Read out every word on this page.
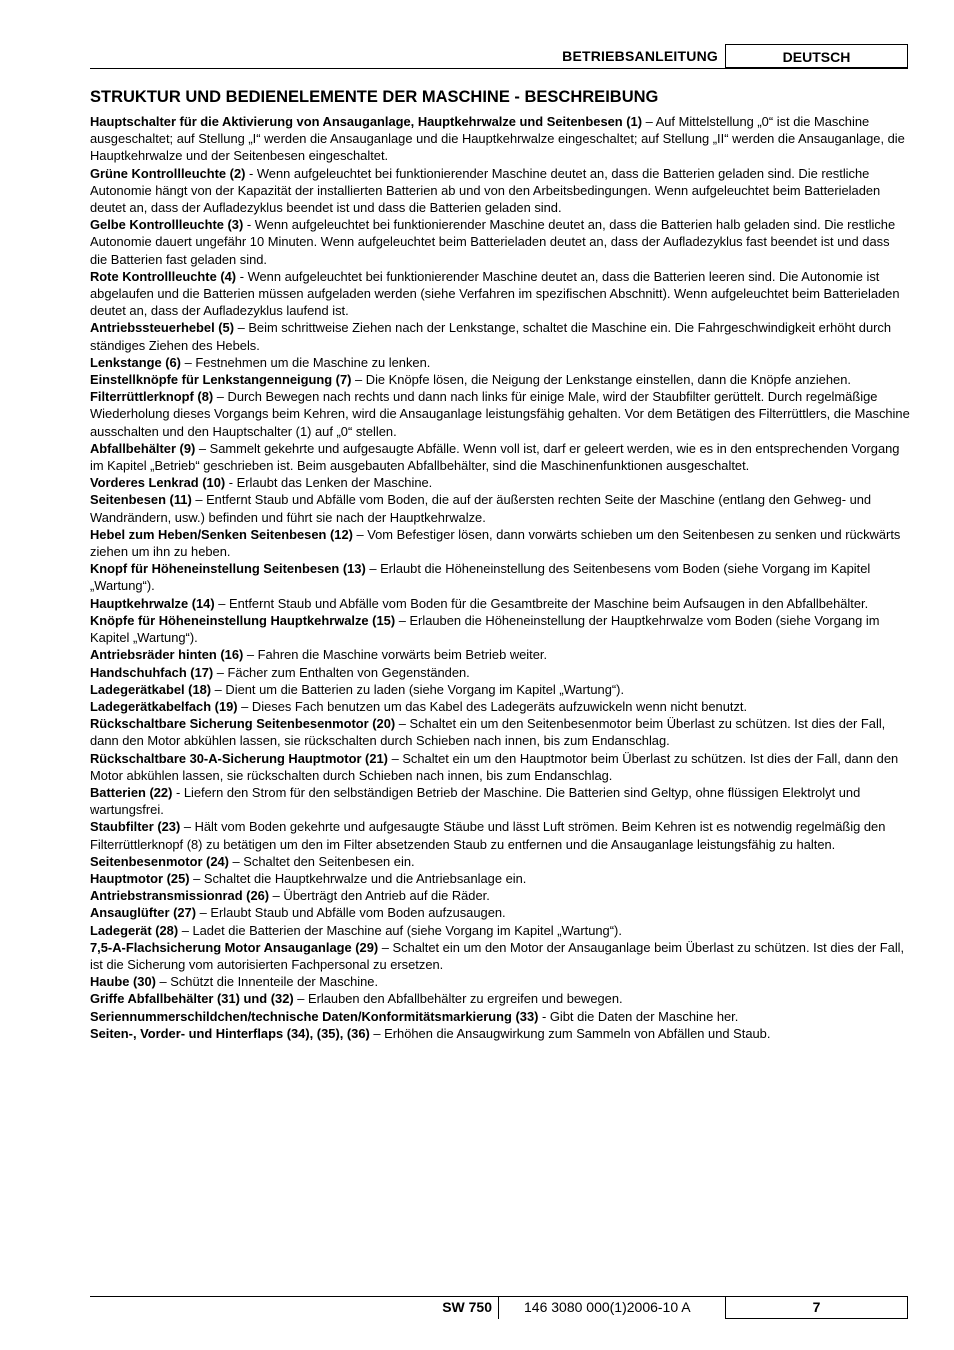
BETRIEBSANLEITUNG	DEUTSCH
STRUKTUR UND BEDIENELEMENTE DER MASCHINE - BESCHREIBUNG

Hauptschalter für die Aktivierung von Ansauganlage, Hauptkehrwalze und Seitenbesen (1) – Auf Mittelstellung „0“ ist die Maschine ausgeschaltet; auf Stellung „I“ werden die Ansauganlage und die Hauptkehrwalze eingeschaltet; auf Stellung „II“ werden die Ansauganlage, die Hauptkehrwalze und der Seitenbesen eingeschaltet.

Grüne Kontrollleuchte (2) - Wenn aufgeleuchtet bei funktionierender Maschine deutet an, dass die Batterien geladen sind. Die restliche Autonomie hängt von der Kapazität der installierten Batterien ab und von den Arbeitsbedingungen. Wenn aufgeleuchtet beim Batterieladen deutet an, dass der Aufladezyklus beendet ist und dass die Batterien geladen sind.

Gelbe Kontrollleuchte (3) - Wenn aufgeleuchtet bei funktionierender Maschine deutet an, dass die Batterien halb geladen sind. Die restliche Autonomie dauert ungefähr 10 Minuten. Wenn aufgeleuchtet beim Batterieladen deutet an, dass der Aufladezyklus fast beendet ist und dass die Batterien fast geladen sind.

Rote Kontrollleuchte (4) - Wenn aufgeleuchtet bei funktionierender Maschine deutet an, dass die Batterien leeren sind. Die Autonomie ist abgelaufen und die Batterien müssen aufgeladen werden (siehe Verfahren im spezifischen Abschnitt). Wenn aufgeleuchtet beim Batterieladen deutet an, dass der Aufladezyklus laufend ist.

Antriebssteuerhebel (5) – Beim schrittweise Ziehen nach der Lenkstange, schaltet die Maschine ein. Die Fahrgeschwindigkeit erhöht durch ständiges Ziehen des Hebels.

Lenkstange (6) – Festnehmen um die Maschine zu lenken.

Einstellknöpfe für Lenkstangenneigung (7) – Die Knöpfe lösen, die Neigung der Lenkstange einstellen, dann die Knöpfe anziehen.

Filterrüttlerknopf (8) – Durch Bewegen nach rechts und dann nach links für einige Male, wird der Staubfilter gerüttelt. Durch regelmäßige Wiederholung dieses Vorgangs beim Kehren, wird die Ansauganlage leistungsfähig gehalten. Vor dem Betätigen des Filterrüttlers, die Maschine ausschalten und den Hauptschalter (1) auf „0“ stellen.

Abfallbehälter (9) – Sammelt gekehrte und aufgesaugte Abfälle. Wenn voll ist, darf er geleert werden, wie es in den entsprechenden Vorgang im Kapitel „Betrieb“ geschrieben ist. Beim ausgebauten Abfallbehälter, sind die Maschinenfunktionen ausgeschaltet.

Vorderes Lenkrad (10) - Erlaubt das Lenken der Maschine.

Seitenbesen (11) – Entfernt Staub und Abfälle vom Boden, die auf der äußersten rechten Seite der Maschine (entlang den Gehweg- und Wandrändern, usw.) befinden und führt sie nach der Hauptkehrwalze.

Hebel zum Heben/Senken Seitenbesen (12) – Vom Befestiger lösen, dann vorwärts schieben um den Seitenbesen zu senken und rückwärts ziehen um ihn zu heben.

Knopf für Höheneinstellung Seitenbesen (13) – Erlaubt die Höheneinstellung des Seitenbesens vom Boden (siehe Vorgang im Kapitel „Wartung“).

Hauptkehrwalze (14) – Entfernt Staub und Abfälle vom Boden für die Gesamtbreite der Maschine beim Aufsaugen in den Abfallbehälter.

Knöpfe für Höheneinstellung Hauptkehrwalze (15) – Erlauben die Höheneinstellung der Hauptkehrwalze vom Boden (siehe Vorgang im Kapitel „Wartung“).

Antriebsräder hinten (16) – Fahren die Maschine vorwärts beim Betrieb weiter.

Handschuhfach (17) – Fächer zum Enthalten von Gegenständen.

Ladegerätkabel (18) – Dient um die Batterien zu laden (siehe Vorgang im Kapitel „Wartung“).

Ladegerätkabelfach (19) – Dieses Fach benutzen um das Kabel des Ladegeräts aufzuwickeln wenn nicht benutzt.

Rückschaltbare Sicherung Seitenbesenmotor (20) – Schaltet ein um den Seitenbesenmotor beim Überlast zu schützen. Ist dies der Fall, dann den Motor abkühlen lassen, sie rückschalten durch Schieben nach innen, bis zum Endanschlag.

Rückschaltbare 30-A-Sicherung Hauptmotor (21) – Schaltet ein um den Hauptmotor beim Überlast zu schützen. Ist dies der Fall, dann den Motor abkühlen lassen, sie rückschalten durch Schieben nach innen, bis zum Endanschlag.

Batterien (22) - Liefern den Strom für den selbständigen Betrieb der Maschine. Die Batterien sind Geltyp, ohne flüssigen Elektrolyt und wartungsfrei.

Staubfilter (23) – Hält vom Boden gekehrte und aufgesaugte Stäube und lässt Luft strömen. Beim Kehren ist es notwendig regelmäßig den Filterrüttlerknopf (8) zu betätigen um den im Filter absetzenden Staub zu entfernen und die Ansauganlage leistungsfähig zu halten.

Seitenbesenmotor (24) – Schaltet den Seitenbesen ein.

Hauptmotor (25) – Schaltet die Hauptkehrwalze und die Antriebsanlage ein.

Antriebstransmissionrad (26) – Überträgt den Antrieb auf die Räder.

Ansauglüfter (27) – Erlaubt Staub und Abfälle vom Boden aufzusaugen.

Ladegerät (28) – Ladet die Batterien der Maschine auf (siehe Vorgang im Kapitel „Wartung“).

7,5-A-Flachsicherung Motor Ansauganlage (29) – Schaltet ein um den Motor der Ansauganlage beim Überlast zu schützen. Ist dies der Fall, ist die Sicherung vom autorisierten Fachpersonal zu ersetzen.

Haube (30) – Schützt die Innenteile der Maschine.

Griffe Abfallbehälter (31) und (32) – Erlauben den Abfallbehälter zu ergreifen und bewegen.

Seriennummerschildchen/technische Daten/Konformitätsmarkierung (33) - Gibt die Daten der Maschine her.

Seiten-, Vorder- und Hinterflaps (34), (35), (36) – Erhöhen die Ansaugwirkung zum Sammeln von Abfällen und Staub.

SW 750 146 3080 000(1)2006-10 A	7
